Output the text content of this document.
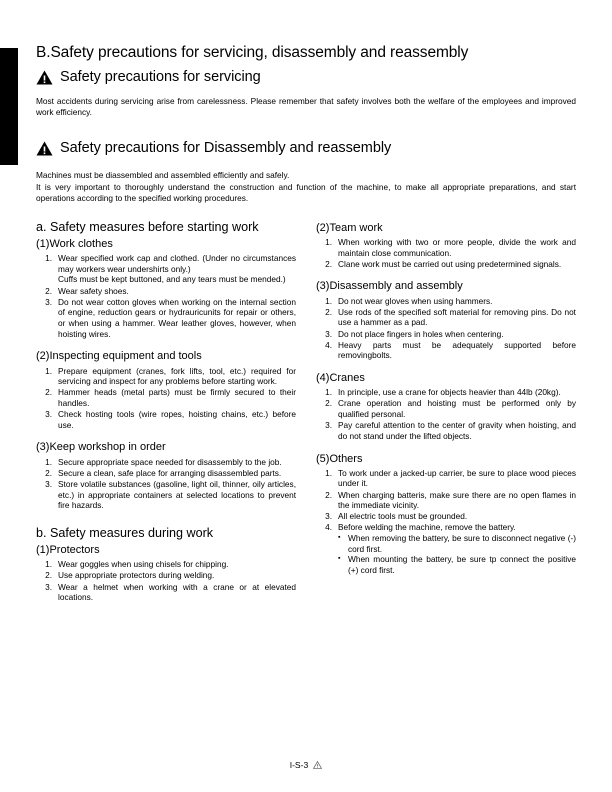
B.Safety precautions for servicing, disassembly and reassembly
Safety precautions for servicing

Most accidents during servicing arise from carelessness. Please remember that safety involves both the welfare of the employees and improved work efficiency.

Safety precautions for Disassembly and reassembly

Machines must be diassembled and assembled efficiently and safely.

It is very important to thoroughly understand the construction and function of the machine, to make all appropriate preparations, and start operations according to the specified working procedures.

a. Safety measures before starting work
(1) Work clothes
1. Wear specified work cap and clothed. (Under no circumstances may workers wear undershirts only.)

Cuffs must be kept buttoned, and any tears must be mended.)

2. Wear safety shoes.

3. Do not wear cotton gloves when working on the internal section of engine, reduction gears or hydrauricunits for repair or others, or when using a hammer. Wear leather gloves, however, when hoisting wires.

(2) Inspecting equipment and tools
1. Prepare equipment (cranes, fork lifts, tool, etc.) required for servicing and inspect for any problems before starting work.

2. Hammer heads (metal parts) must be firmly secured to their handles.

3. Check hosting tools (wire ropes, hoisting chains, etc.) before use.

(3) Keep workshop in order
1. Secure appropriate space needed for disassembly to the job.

2. Secure a clean, safe place for arranging disassembled parts.

3. Store volatile substances (gasoline, light oil, thinner, oily articles, etc.) in appropriate containers at selected locations to prevent fire hazards.

b. Safety measures during work
(1) Protectors
1. Wear goggles when using chisels for chipping.

2. Use appropriate protectors during welding.

3. Wear a helmet when working with a crane or at elevated locations.

(2) Team work
1. When working with two or more people, divide the work and maintain close communication.

2. Clane work must be carried out using predetermined signals.

(3) Disassembly and assembly
1. Do not wear gloves when using hammers.

2. Use rods of the specified soft material for removing pins. Do not use a hammer as a pad.

3. Do not place fingers in holes when centering.

4. Heavy parts must be adequately supported before removingbolts.

(4) Cranes
1. In principle, use a crane for objects heavier than 44lb (20kg).

2. Crane operation and hoisting must be performed only by qualified personal.

3. Pay careful attention to the center of gravity when hoisting, and do not stand under the lifted objects.

(5) Others
1. To work under a jacked-up carrier, be sure to place wood pieces under it.

2. When charging batteris, make sure there are no open flames in the immediate vicinity.

3. All electric tools must be grounded.

4. Before welding the machine, remove the battery.

▪ When removing the battery, be sure to disconnect negative (-) cord first.
▪ When mounting the battery, be sure tp connect the positive (+) cord first.
I-S-3
